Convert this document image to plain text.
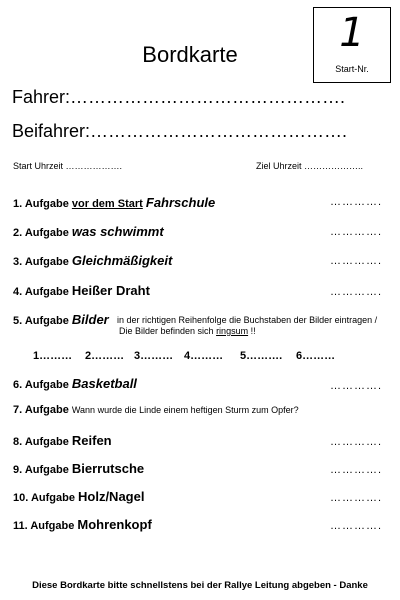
Bordkarte	1
Start-Nr.
Fahrer:……………………………………….
Beifahrer:…………………………………….
Start Uhrzeit ……………….	Ziel Uhrzeit ………………..
1. Aufgabe vor dem Start Fahrschule	………….
2. Aufgabe was schwimmt	………….
3. Aufgabe Gleichmäßigkeit	………….
4. Aufgabe Heißer Draht	………….
5. Aufgabe Bilder in der richtigen Reihenfolge die Buchstaben der Bilder eintragen /
Die Bilder befinden sich ringsum !!
1……… 2……… 3……… 4……… 5………. 6………
6. Aufgabe Basketball	………….
7. Aufgabe Wann wurde die Linde einem heftigen Sturm zum Opfer?
8. Aufgabe Reifen	………….
9. Aufgabe Bierrutsche	………….
10. Aufgabe Holz/Nagel	………….
11. Aufgabe Mohrenkopf	………….
Diese Bordkarte bitte schnellstens bei der Rallye Leitung abgeben - Danke
